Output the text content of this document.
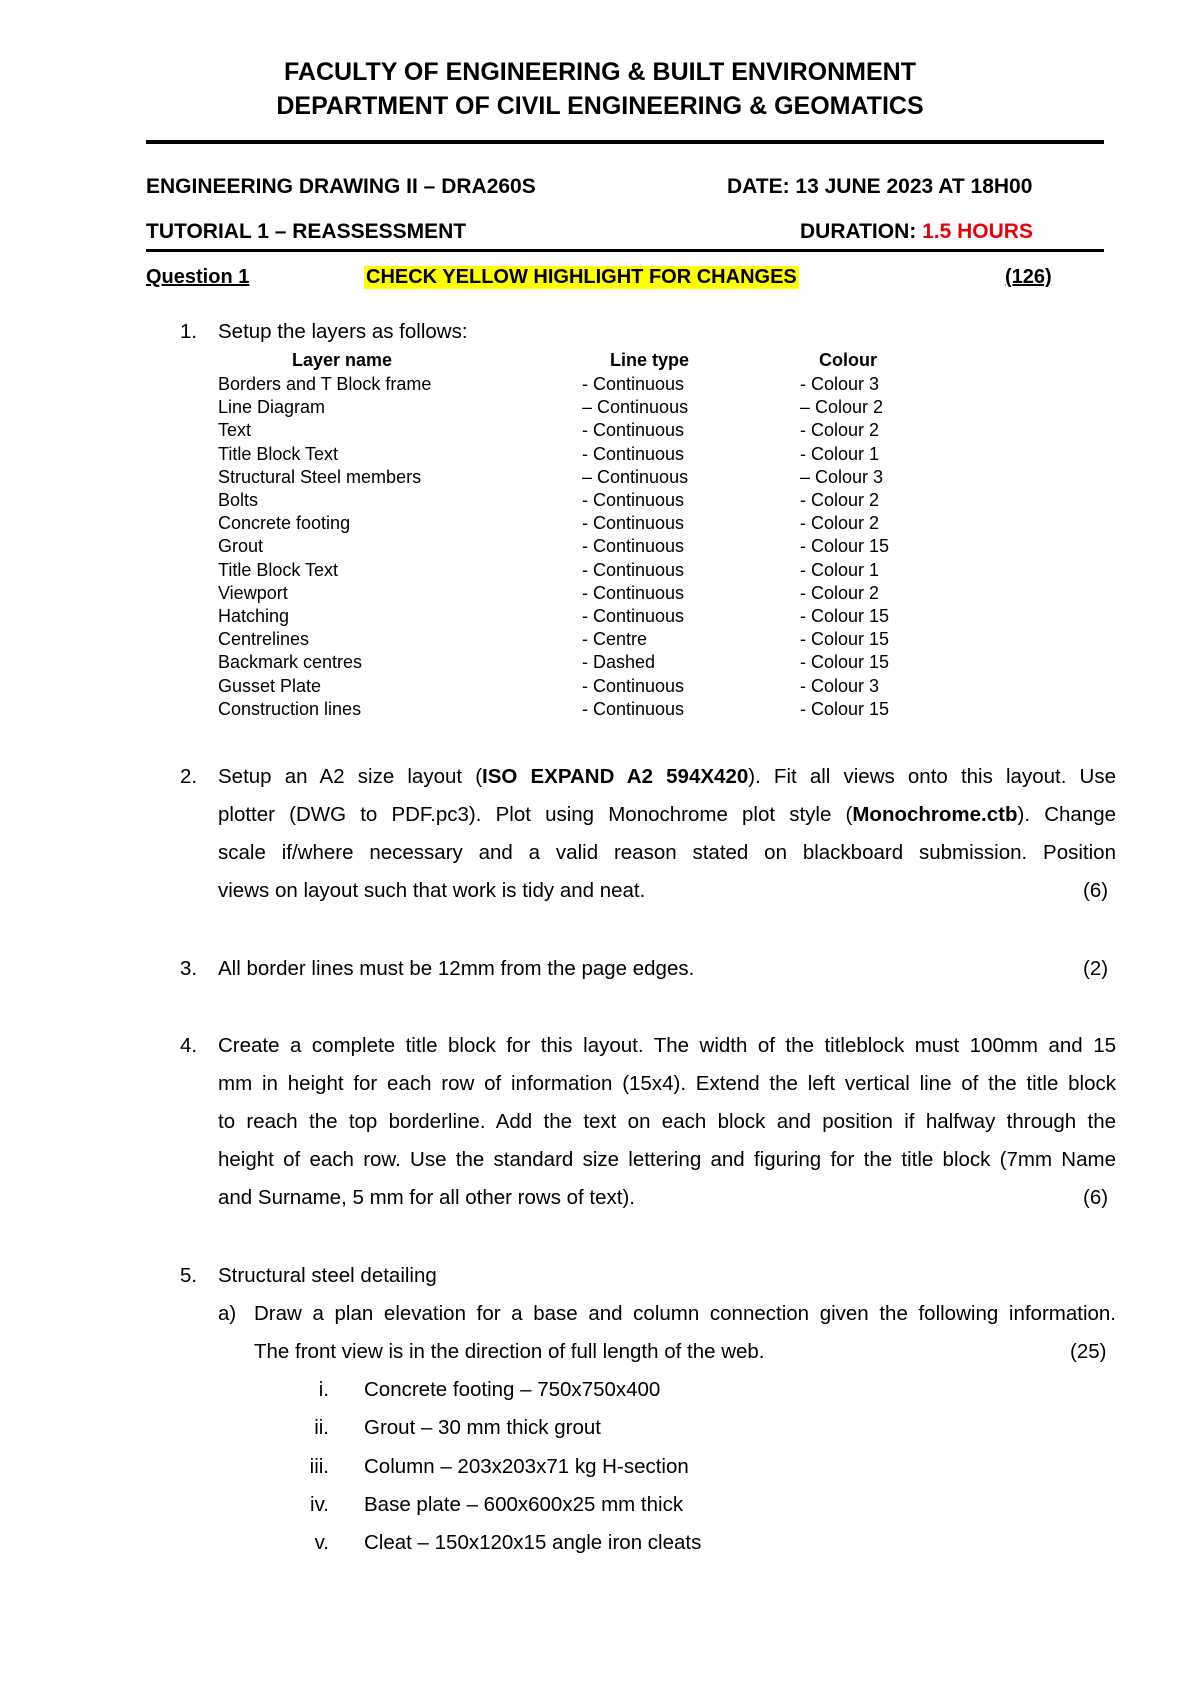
FACULTY OF ENGINEERING & BUILT ENVIRONMENT
DEPARTMENT OF CIVIL ENGINEERING & GEOMATICS
ENGINEERING DRAWING II – DRA260S	DATE: 13 JUNE 2023 AT 18H00
TUTORIAL 1 – REASSESSMENT	DURATION: 1.5 HOURS
Question 1	CHECK YELLOW HIGHLIGHT FOR CHANGES	(126)
1. Setup the layers as follows:
Layer name	Line type	Colour
Borders and T Block frame	- Continuous	- Colour 3
Line Diagram	– Continuous	– Colour 2
Text	- Continuous	- Colour 2
Title Block Text	- Continuous	- Colour 1
Structural Steel members	– Continuous	– Colour 3
Bolts	- Continuous	- Colour 2
Concrete footing	- Continuous	- Colour 2
Grout	- Continuous	- Colour 15
Title Block Text	- Continuous	- Colour 1
Viewport	- Continuous	- Colour 2
Hatching	- Continuous	- Colour 15
Centrelines	- Centre	- Colour 15
Backmark centres	- Dashed	- Colour 15
Gusset Plate	- Continuous	- Colour 3
Construction lines	- Continuous	- Colour 15
2. Setup an A2 size layout (ISO EXPAND A2 594X420). Fit all views onto this layout. Use
plotter (DWG to PDF.pc3). Plot using Monochrome plot style (Monochrome.ctb). Change
scale if/where necessary and a valid reason stated on blackboard submission. Position
views on layout such that work is tidy and neat.	(6)
3. All border lines must be 12mm from the page edges.	(2)
4. Create a complete title block for this layout. The width of the titleblock must 100mm and 15
mm in height for each row of information (15x4). Extend the left vertical line of the title block
to reach the top borderline. Add the text on each block and position if halfway through the
height of each row. Use the standard size lettering and figuring for the title block (7mm Name
and Surname, 5 mm for all other rows of text).	(6)
5. Structural steel detailing
a) Draw a plan elevation for a base and column connection given the following information.
The front view is in the direction of full length of the web.	(25)
i. Concrete footing – 750x750x400
ii. Grout – 30 mm thick grout
iii. Column – 203x203x71 kg H-section
iv. Base plate – 600x600x25 mm thick
v. Cleat – 150x120x15 angle iron cleats
